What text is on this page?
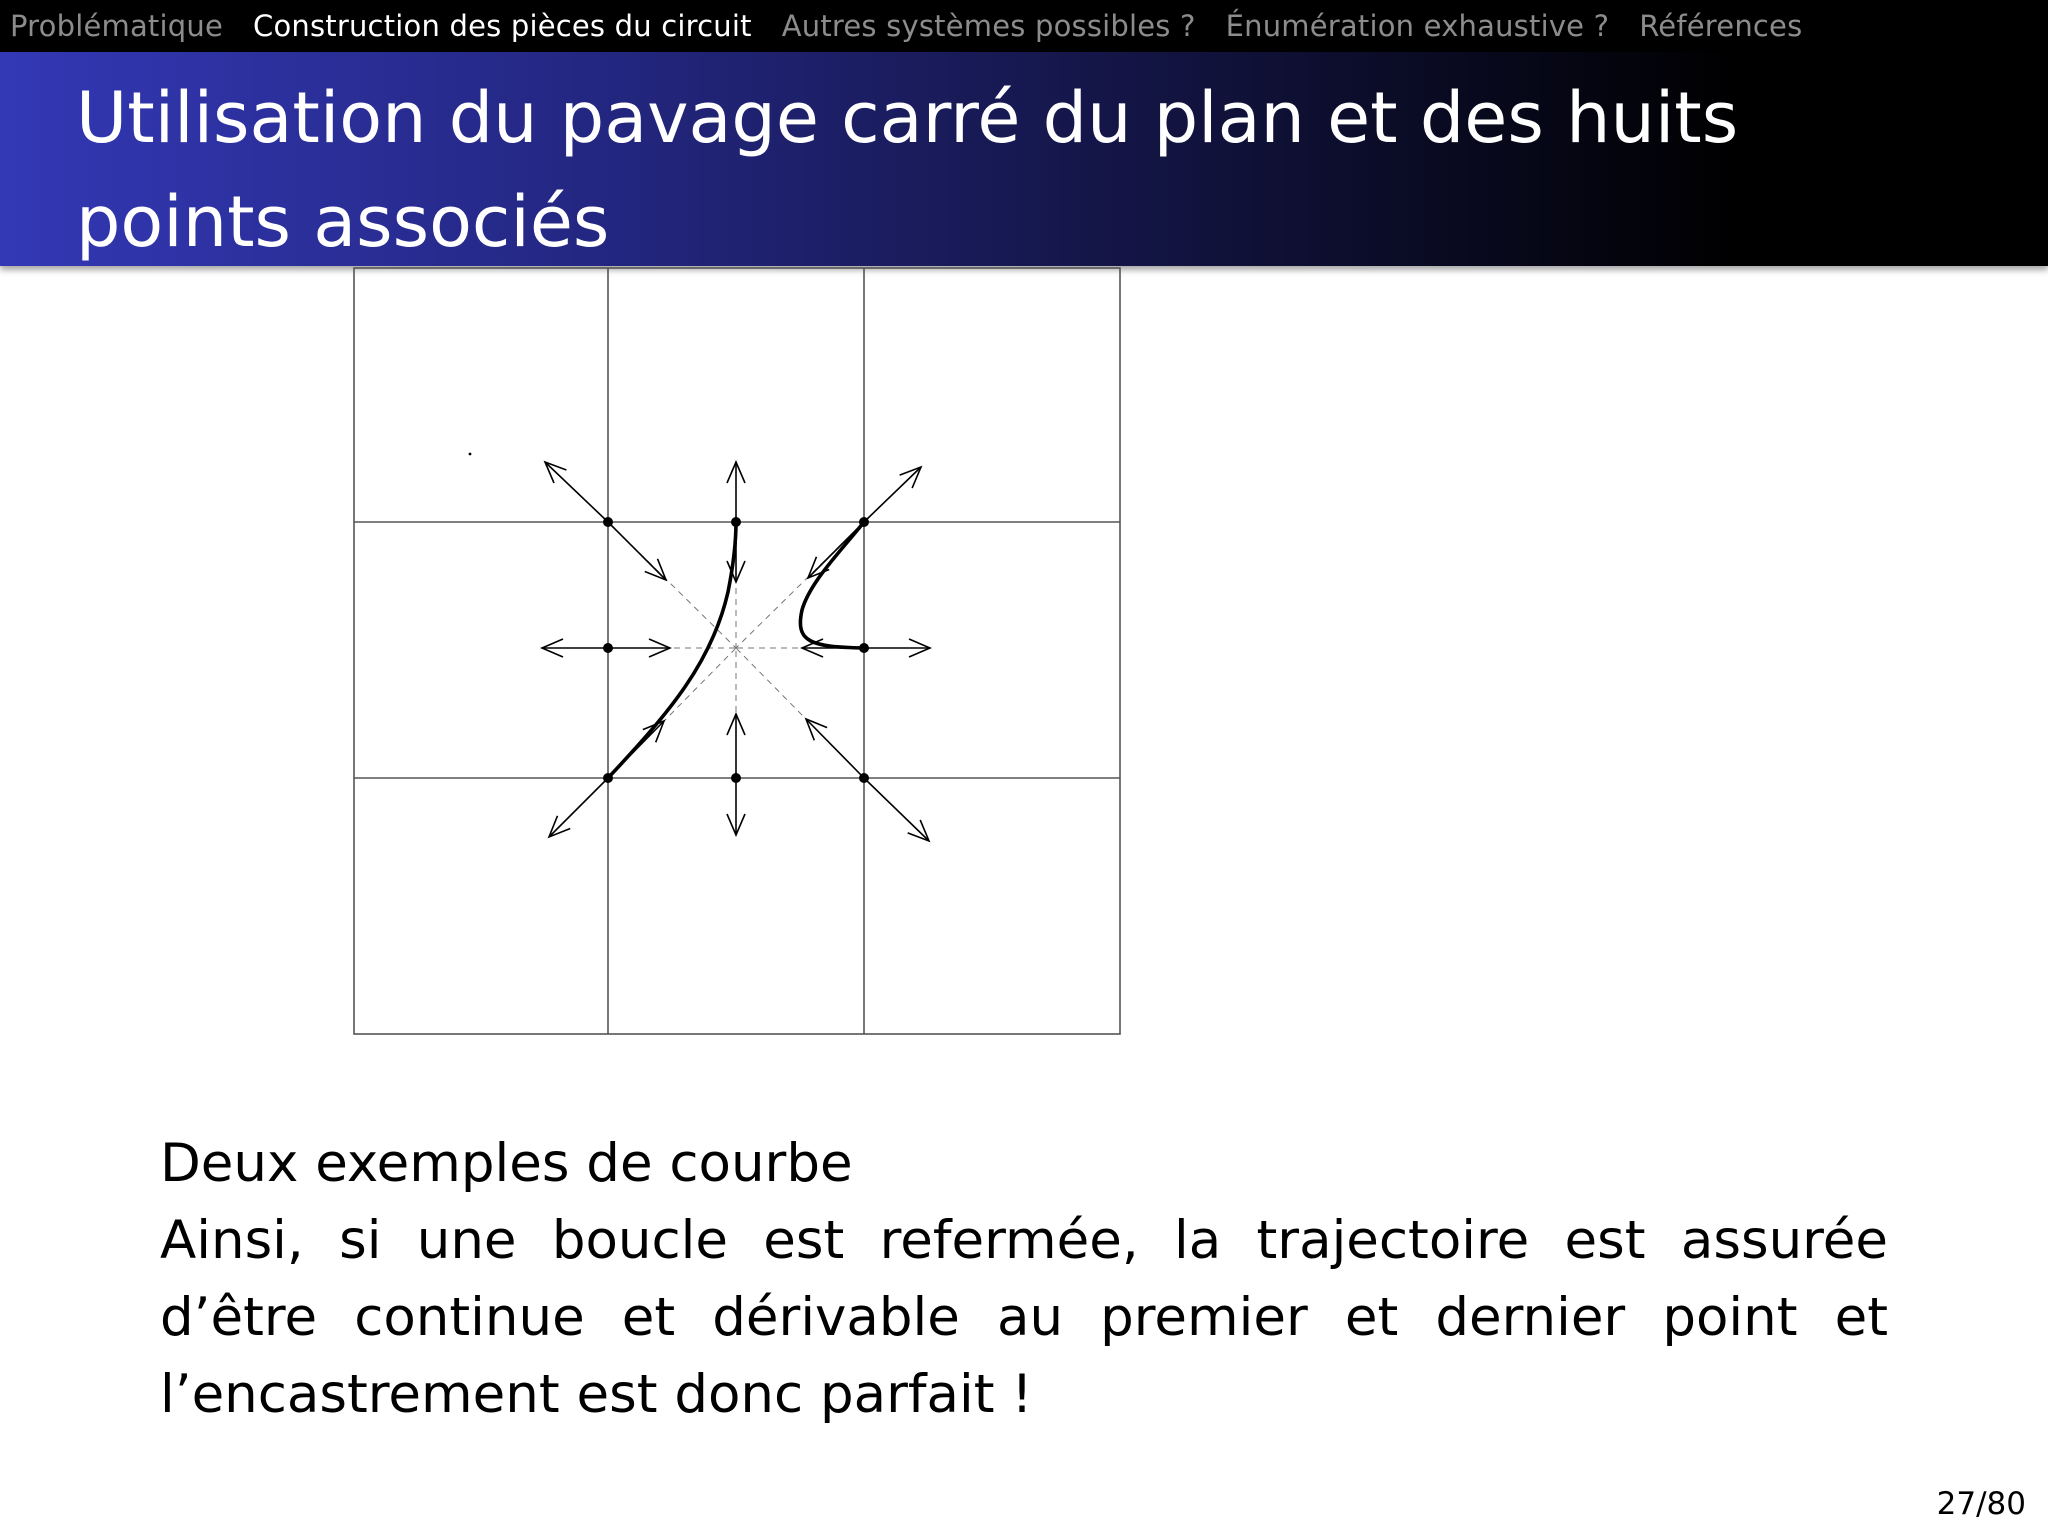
Problématique Construction des pièces du circuit Autres systèmes possibles ? Énumération exhaustive ? Références
Utilisation du pavage carré du plan et des huits points associés
Deux exemples de courbe
Ainsi, si une boucle est refermée, la trajectoire est assurée d’être continue et dérivable au premier et dernier point et l’encastrement est donc parfait !
27/80
